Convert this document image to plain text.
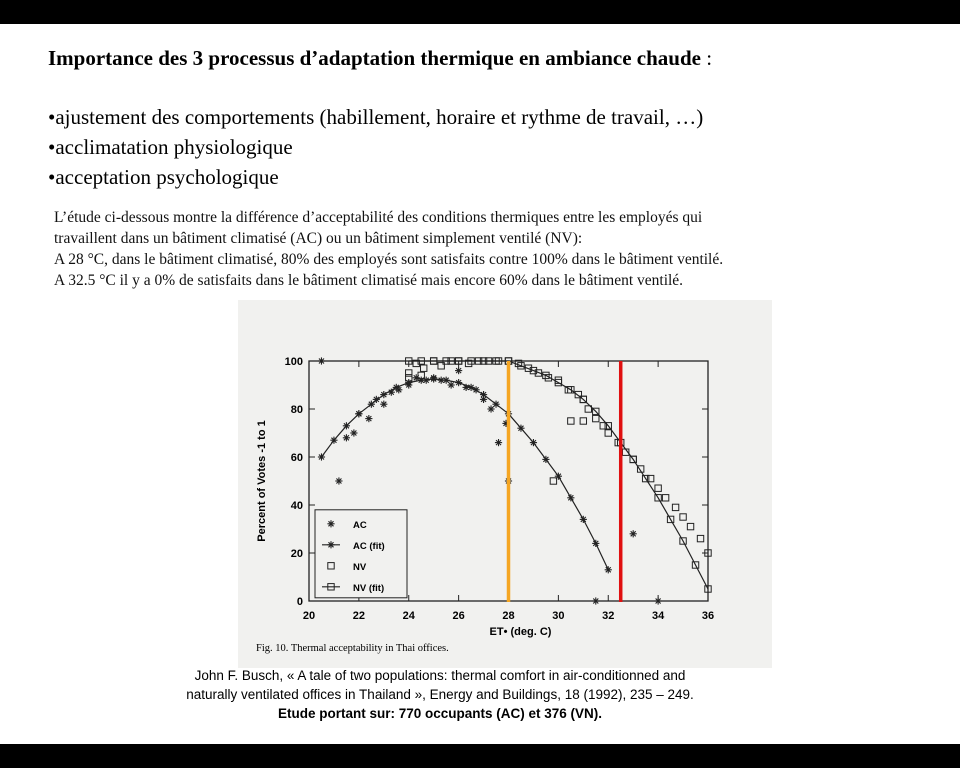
Importance des 3 processus d’adaptation thermique en ambiance chaude :
•ajustement des comportements (habillement, horaire et rythme de travail, …)
•acclimatation physiologique
•acceptation psychologique
L’étude ci-dessous montre la différence d’acceptabilité des conditions thermiques entre les employés qui
travaillent dans un bâtiment climatisé (AC) ou un bâtiment simplement ventilé (NV):
A 28 °C, dans le bâtiment climatisé, 80% des employés sont satisfaits contre 100% dans le bâtiment ventilé.
A 32.5 °C il y a 0% de satisfaits dans le bâtiment climatisé mais encore 60% dans le bâtiment ventilé.
20	22	24	26	28	30	32	34	36
0
20
40
60
80
100
AC
AC (fit)
NV
NV (fit)
Percent of Votes -1 to 1
ET• (deg. C)
Fig. 10. Thermal acceptability in Thai offices.
John F. Busch, « A tale of two populations: thermal comfort in air-conditionned and
naturally ventilated offices in Thailand », Energy and Buildings, 18 (1992), 235 – 249.
Etude portant sur: 770 occupants (AC) et 376 (VN).
